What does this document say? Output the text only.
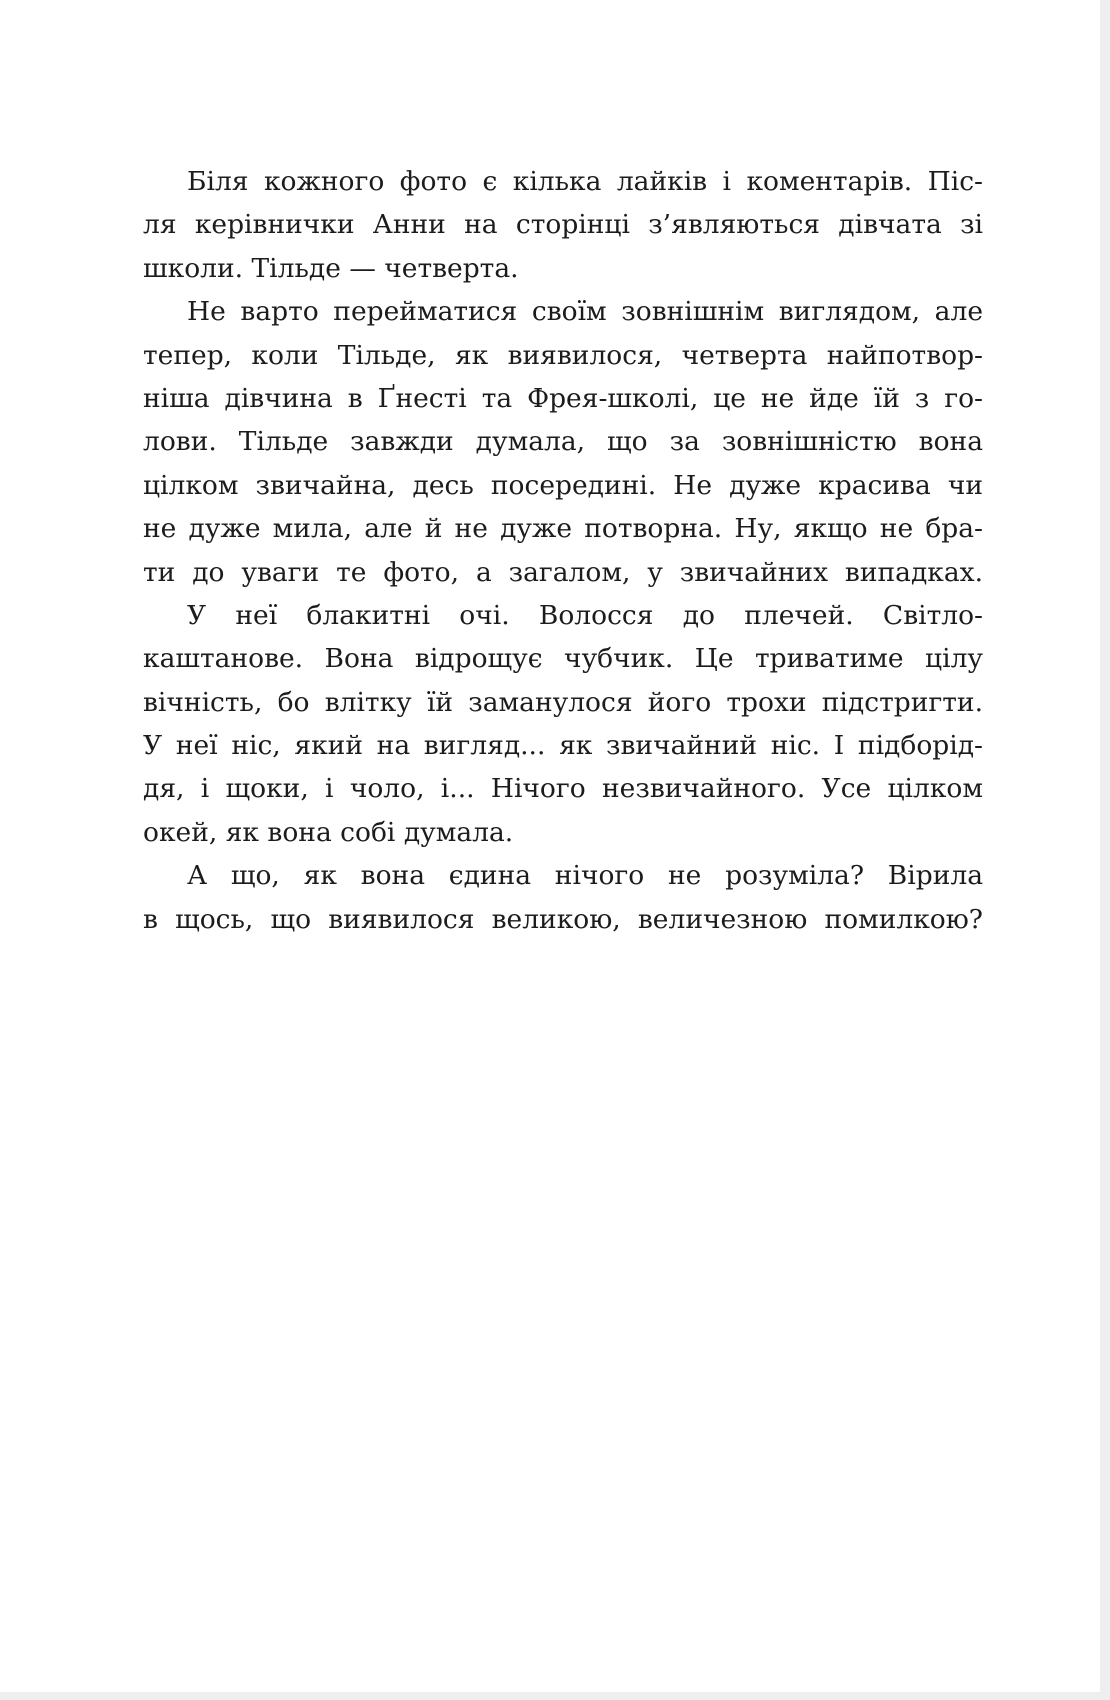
Біля кожного фото є кілька лайків і коментарів. Піс-
ля керівнички Анни на сторінці з’являються дівчата зі
школи. Тільде — четверта.
Не варто перейматися своїм зовнішнім виглядом, але
тепер, коли Тільде, як виявилося, четверта найпотвор-
ніша дівчина в Ґнесті та Фрея-школі, це не йде їй з го-
лови. Тільде завжди думала, що за зовнішністю вона
цілком звичайна, десь посередині. Не дуже красива чи
не дуже мила, але й не дуже потворна. Ну, якщо не бра-
ти до уваги те фото, а загалом, у звичайних випадках.
У неї блакитні очі. Волосся до плечей. Світло-
каштанове. Вона відрощує чубчик. Це триватиме цілу
вічність, бо влітку їй заманулося його трохи підстригти.
У неї ніс, який на вигляд... як звичайний ніс. І підборід-
дя, і щоки, і чоло, і... Нічого незвичайного. Усе цілком
окей, як вона собі думала.
А що, як вона єдина нічого не розуміла? Вірила
в щось, що виявилося великою, величезною помилкою?
